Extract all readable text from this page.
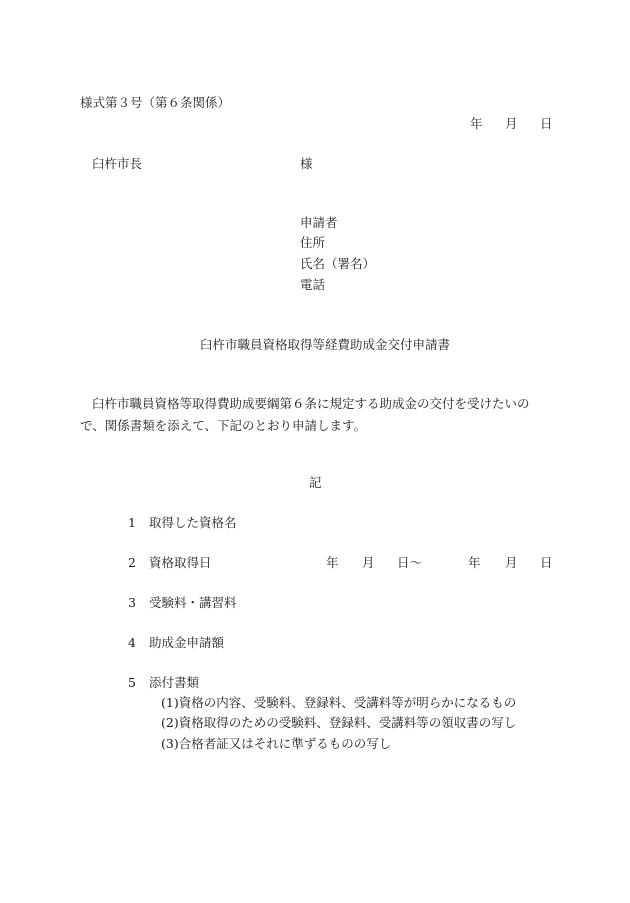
様式第３号（第６条関係）
年 月 日
臼杵市長	様
申請者
住所
氏名（署名）
電話
臼杵市職員資格取得等経費助成金交付申請書
臼杵市職員資格等取得費助成要綱第６条に規定する助成金の交付を受けたいので、関係書類を添えて、下記のとおり申請します。
記
1 取得した資格名
2 資格取得日	年 月 日～	年 月 日
3 受験料・講習料
4 助成金申請額
5 添付書類
(1)資格の内容、受験料、登録料、受講料等が明らかになるもの
(2)資格取得のための受験料、登録料、受講料等の領収書の写し
(3)合格者証又はそれに準ずるものの写し
